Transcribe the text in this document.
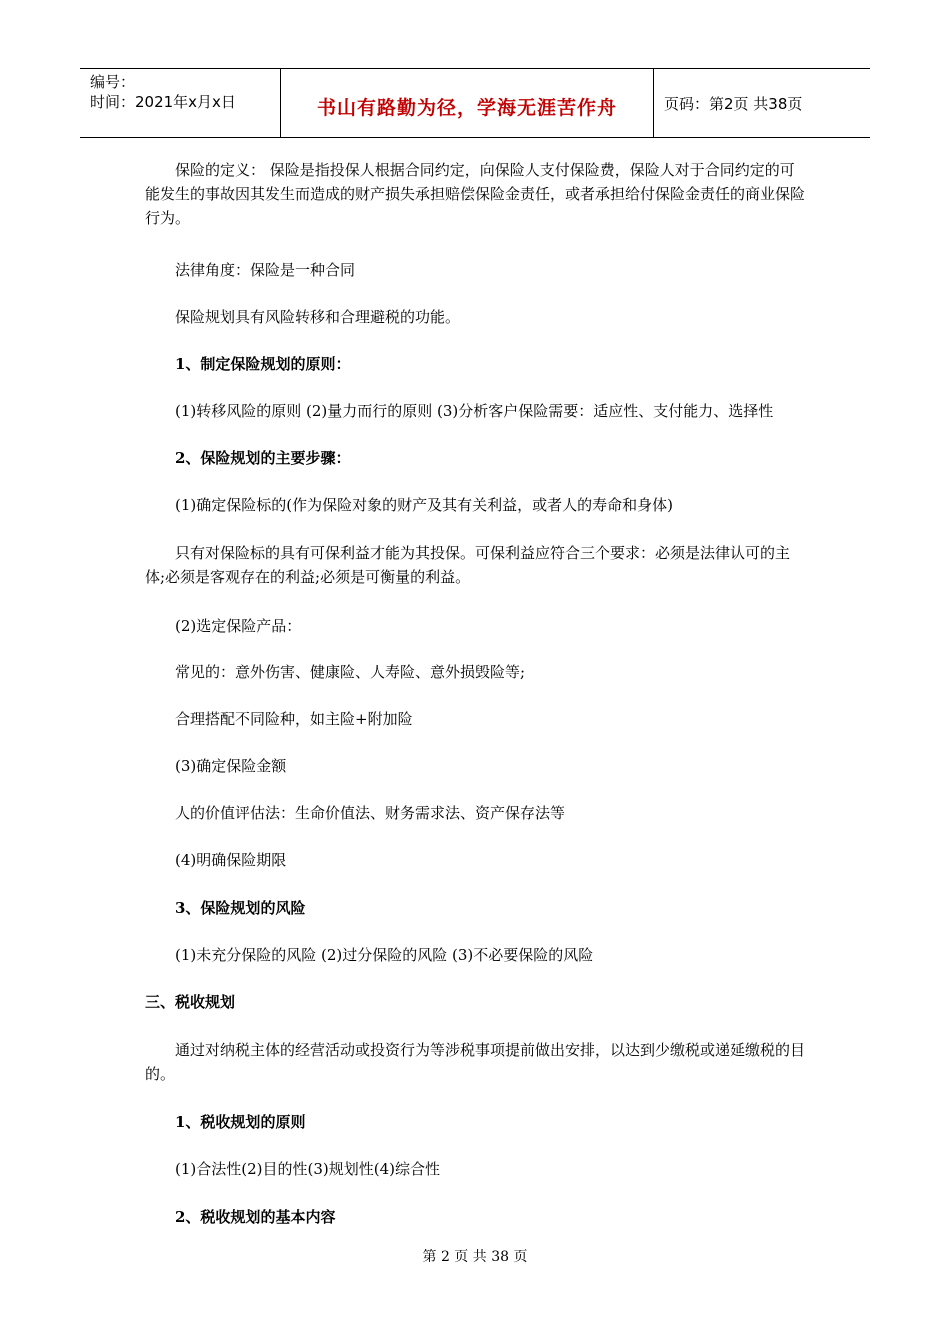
编号：
时间：2021年x月x日	书山有路勤为径，学海无涯苦作舟	页码：第2页 共38页

保险的定义： 保险是指投保人根据合同约定，向保险人支付保险费，保险人对于合同约定的可能发生的事故因其发生而造成的财产损失承担赔偿保险金责任，或者承担给付保险金责任的商业保险行为。

法律角度：保险是一种合同

保险规划具有风险转移和合理避税的功能。

1、制定保险规划的原则：

(1)转移风险的原则 (2)量力而行的原则 (3)分析客户保险需要：适应性、支付能力、选择性

2、保险规划的主要步骤：

(1)确定保险标的(作为保险对象的财产及其有关利益，或者人的寿命和身体)

只有对保险标的具有可保利益才能为其投保。可保利益应符合三个要求：必须是法律认可的主体;必须是客观存在的利益;必须是可衡量的利益。

(2)选定保险产品：

常见的：意外伤害、健康险、人寿险、意外损毁险等;

合理搭配不同险种，如主险+附加险

(3)确定保险金额

人的价值评估法：生命价值法、财务需求法、资产保存法等

(4)明确保险期限

3、保险规划的风险

(1)未充分保险的风险 (2)过分保险的风险 (3)不必要保险的风险

三、税收规划

通过对纳税主体的经营活动或投资行为等涉税事项提前做出安排，以达到少缴税或递延缴税的目的。

1、税收规划的原则

(1)合法性(2)目的性(3)规划性(4)综合性

2、税收规划的基本内容

第 2 页 共 38 页
